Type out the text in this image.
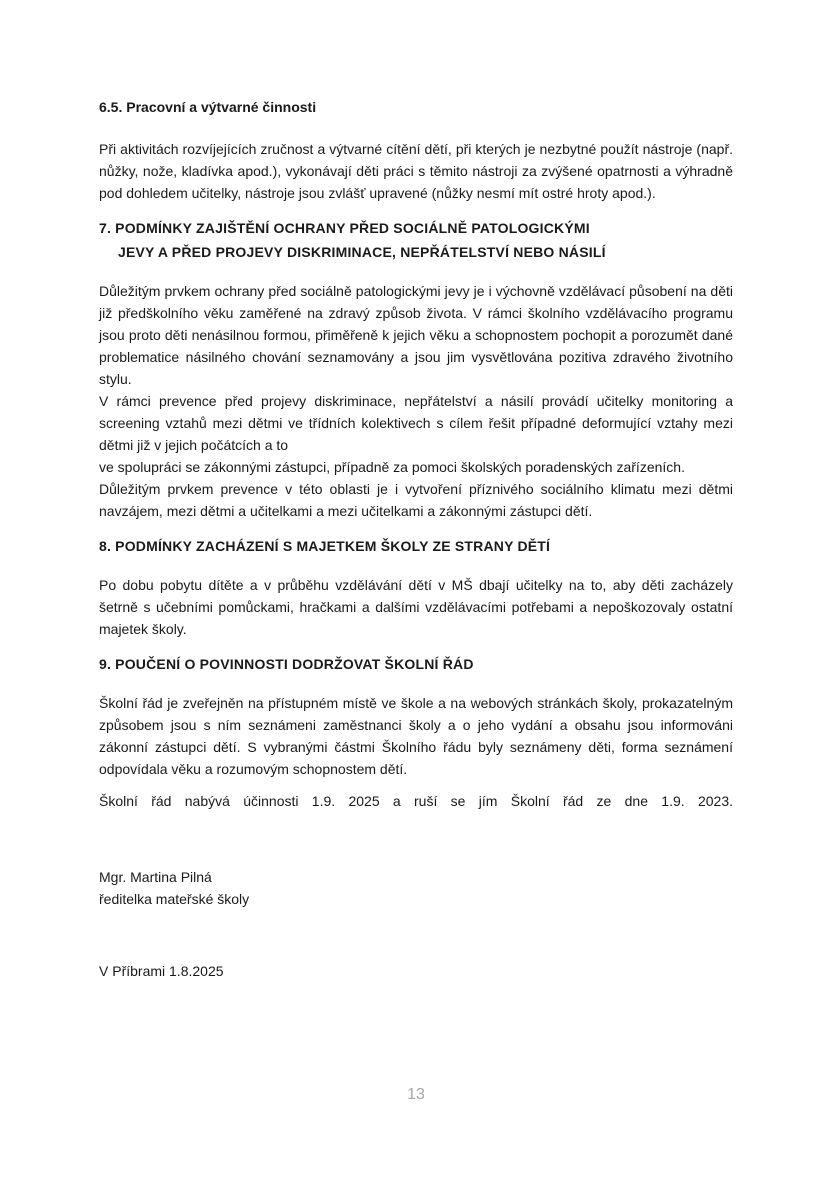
6.5. Pracovní a výtvarné činnosti

Při aktivitách rozvíjejících zručnost a výtvarné cítění dětí, při kterých je nezbytné použít nástroje (např. nůžky, nože, kladívka apod.), vykonávají děti práci s těmito nástroji za zvýšené opatrnosti a výhradně pod dohledem učitelky, nástroje jsou zvlášť upravené (nůžky nesmí mít ostré hroty apod.).

7. PODMÍNKY ZAJIŠTĚNÍ OCHRANY PŘED SOCIÁLNĚ PATOLOGICKÝMI
JEVY A PŘED PROJEVY DISKRIMINACE, NEPŘÁTELSTVÍ NEBO NÁSILÍ

Důležitým prvkem ochrany před sociálně patologickými jevy je i výchovně vzdělávací působení na děti již předškolního věku zaměřené na zdravý způsob života. V rámci školního vzdělávacího programu jsou proto děti nenásilnou formou, přiměřeně k jejich věku a schopnostem pochopit a porozumět dané problematice násilného chování seznamovány a jsou jim vysvětlována pozitiva zdravého životního stylu.

V rámci prevence před projevy diskriminace, nepřátelství a násilí provádí učitelky monitoring a screening vztahů mezi dětmi ve třídních kolektivech s cílem řešit případné deformující vztahy mezi dětmi již v jejich počátcích a to

ve spolupráci se zákonnými zástupci, případně za pomoci školských poradenských zařízeních.

Důležitým prvkem prevence v této oblasti je i vytvoření příznivého sociálního klimatu mezi dětmi navzájem, mezi dětmi a učitelkami a mezi učitelkami a zákonnými zástupci dětí.

8. PODMÍNKY ZACHÁZENÍ S MAJETKEM ŠKOLY ZE STRANY DĚTÍ

Po dobu pobytu dítěte a v průběhu vzdělávání dětí v MŠ dbají učitelky na to, aby děti zacházely šetrně s učebními pomůckami, hračkami a dalšími vzdělávacími potřebami a nepoškozovaly ostatní majetek školy.

9. POUČENÍ O POVINNOSTI DODRŽOVAT ŠKOLNÍ ŘÁD

Školní řád je zveřejněn na přístupném místě ve škole a na webových stránkách školy, prokazatelným způsobem jsou s ním seznámeni zaměstnanci školy a o jeho vydání a obsahu jsou informováni zákonní zástupci dětí. S vybranými částmi Školního řádu byly seznámeny děti, forma seznámení odpovídala věku a rozumovým schopnostem dětí.

Školní řád nabývá účinnosti 1.9. 2025 a ruší se jím Školní řád ze dne 1.9. 2023.

Mgr. Martina Pilná

ředitelka mateřské školy

V Příbrami 1.8.2025

13
